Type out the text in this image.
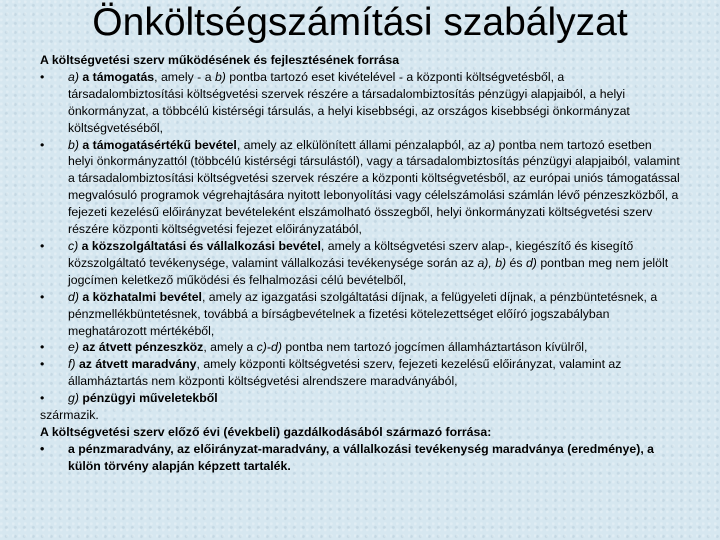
Önköltségszámítási szabályzat
A költségvetési szerv működésének és fejlesztésének forrása
• a) a támogatás, amely - a b) pontba tartozó eset kivételével - a központi költségvetésből, a társadalombiztosítási költségvetési szervek részére a társadalombiztosítás pénzügyi alapjaiból, a helyi önkormányzat, a többcélú kistérségi társulás, a helyi kisebbségi, az országos kisebbségi önkormányzat költségvetéséből,
• b) a támogatásértékű bevétel, amely az elkülönített állami pénzalapból, az a) pontba nem tartozó esetben helyi önkormányzattól (többcélú kistérségi társulástól), vagy a társadalombiztosítás pénzügyi alapjaiból, valamint a társadalombiztosítási költségvetési szervek részére a központi költségvetésből, az európai uniós támogatással megvalósuló programok végrehajtására nyitott lebonyolítási vagy célelszámolási számlán lévő pénzeszközből, a fejezeti kezelésű előirányzat bevételeként elszámolható összegből, helyi önkormányzati költségvetési szerv részére központi költségvetési fejezet előirányzatából,
• c) a közszolgáltatási és vállalkozási bevétel, amely a költségvetési szerv alap-, kiegészítő és kisegítő közszolgáltató tevékenysége, valamint vállalkozási tevékenysége során az a), b) és d) pontban meg nem jelölt jogcímen keletkező működési és felhalmozási célú bevételből,
• d) a közhatalmi bevétel, amely az igazgatási szolgáltatási díjnak, a felügyeleti díjnak, a pénzbüntetésnek, a pénzmellékbüntetésnek, továbbá a bírságbevételnek a fizetési kötelezettséget előíró jogszabályban meghatározott mértékéből,
• e) az átvett pénzeszköz, amely a c)-d) pontba nem tartozó jogcímen államháztartáson kívülről,
• f) az átvett maradvány, amely központi költségvetési szerv, fejezeti kezelésű előirányzat, valamint az államháztartás nem központi költségvetési alrendszere maradványából,
• g) pénzügyi műveletekből
származik.
A költségvetési szerv előző évi (évekbeli) gazdálkodásából származó forrása:
• a pénzmaradvány, az előirányzat-maradvány, a vállalkozási tevékenység maradványa (eredménye), a külön törvény alapján képzett tartalék.
